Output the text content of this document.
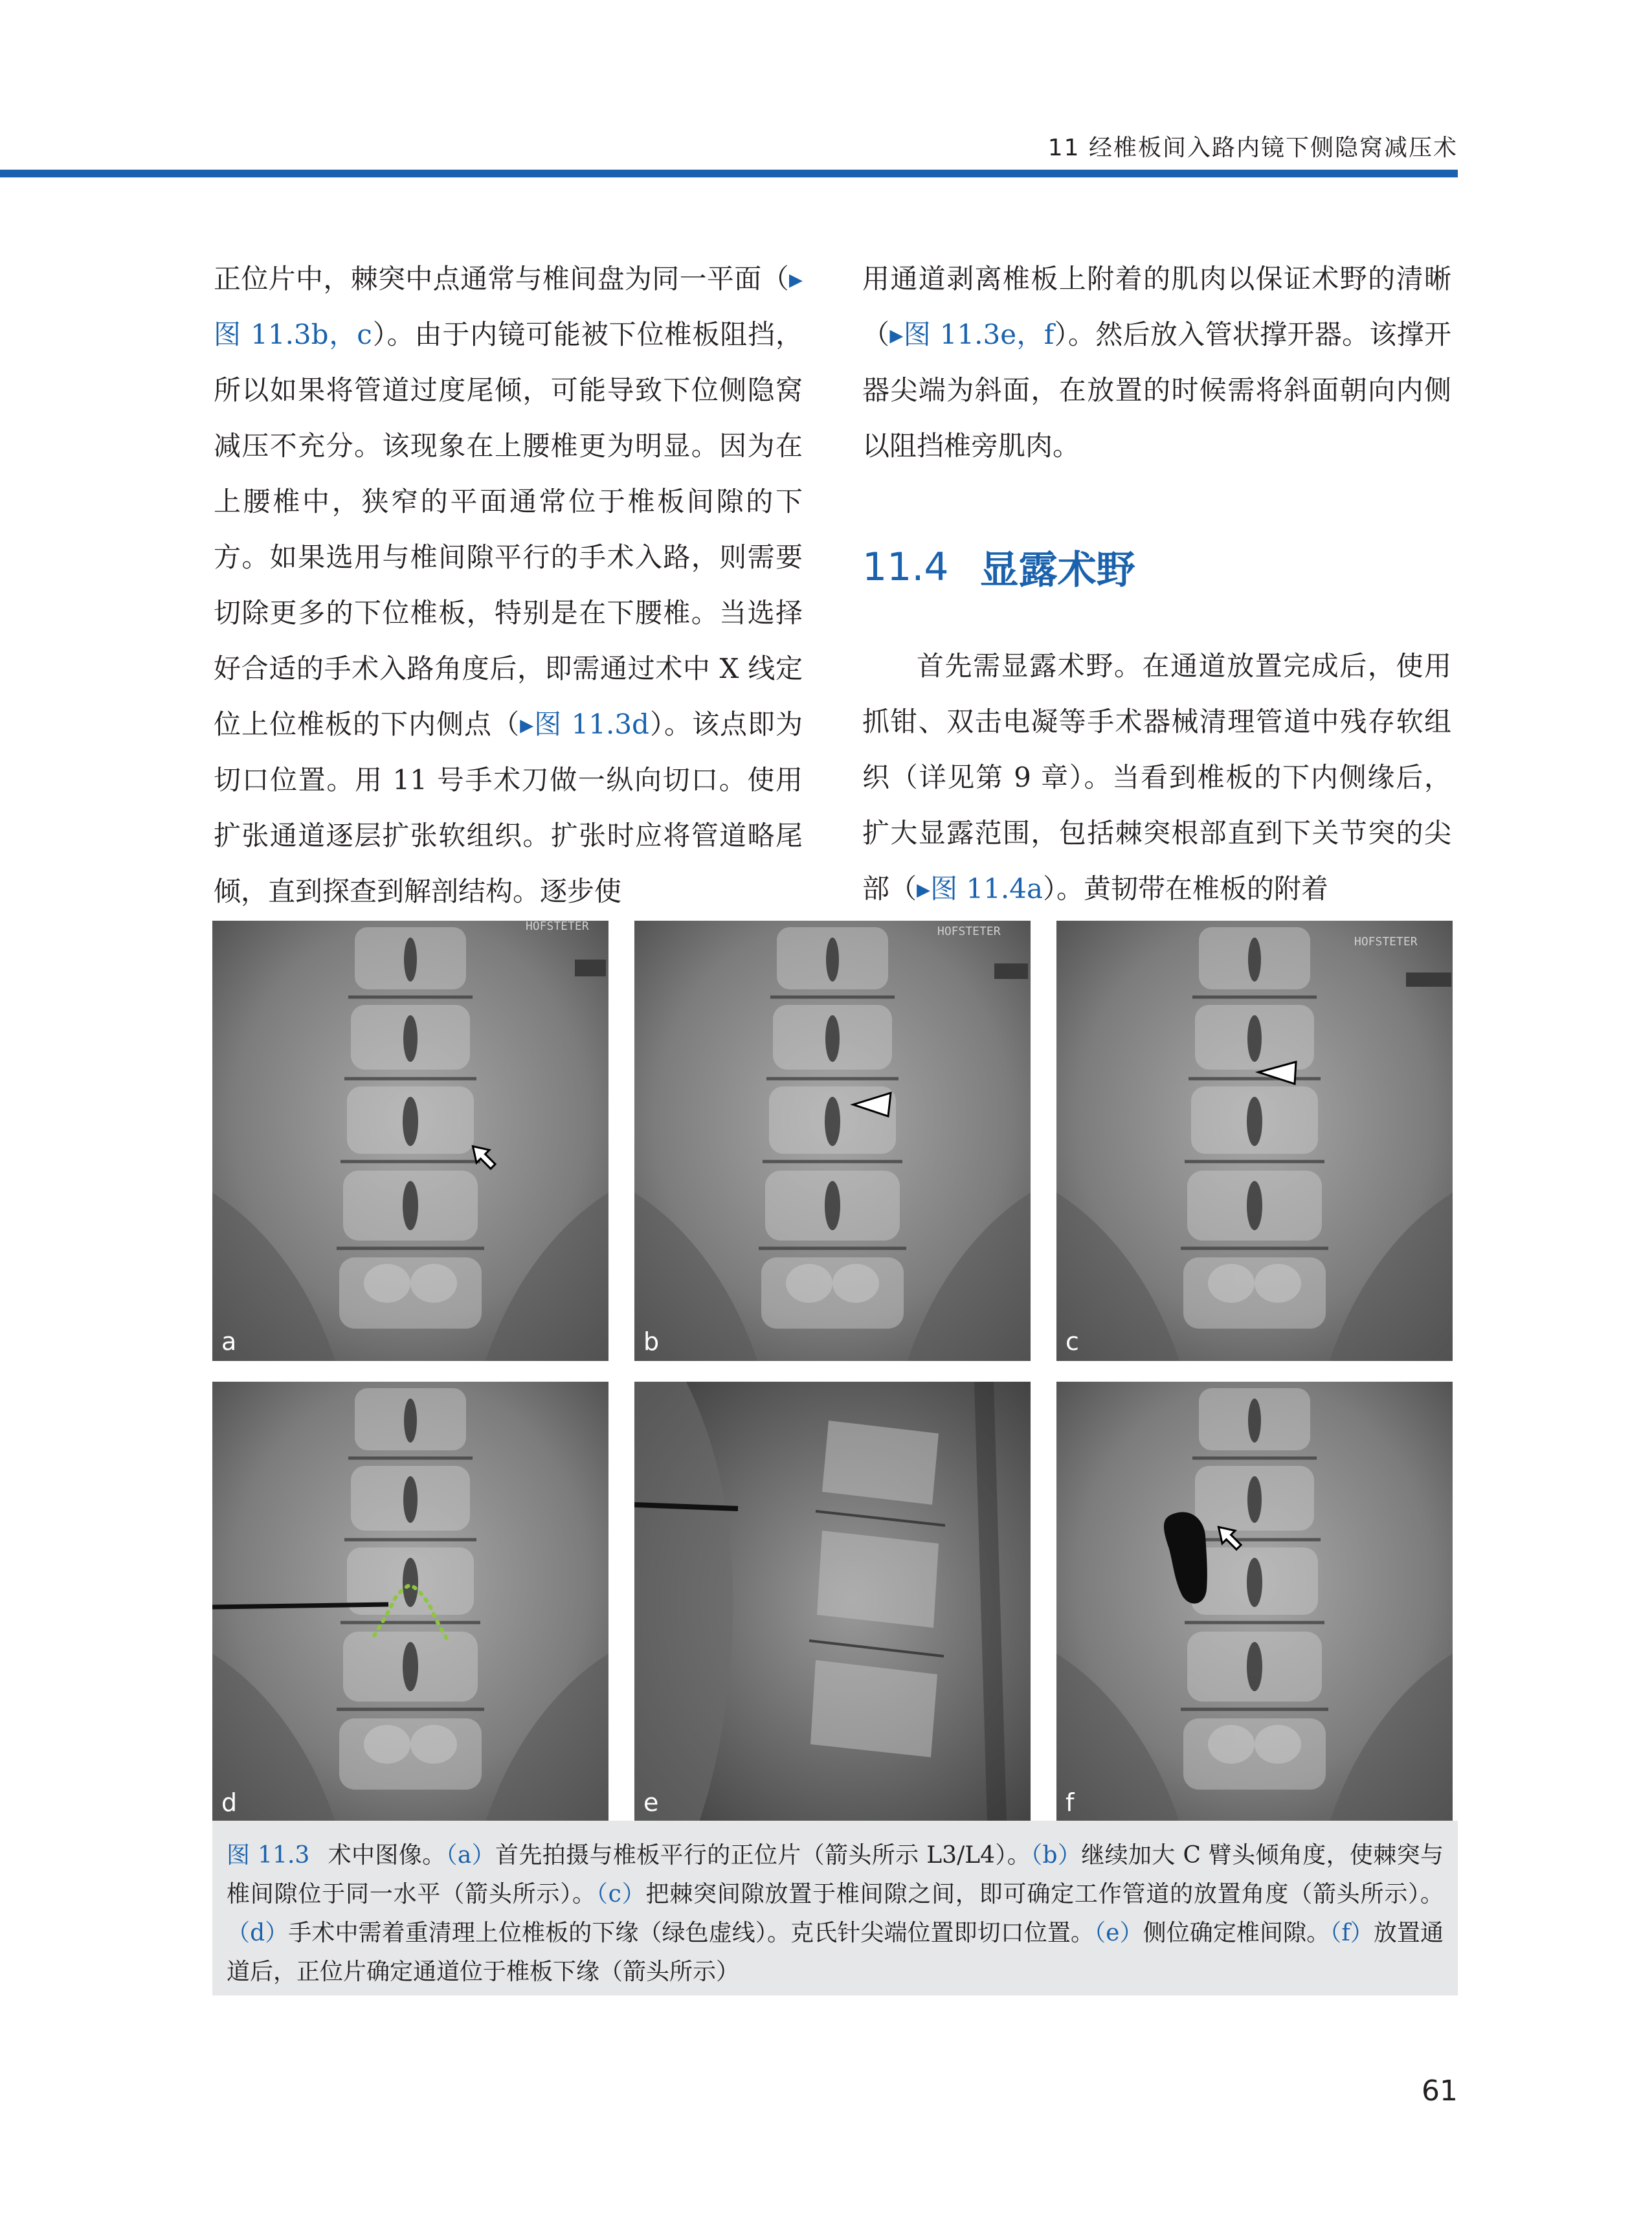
11 经椎板间入路内镜下侧隐窝减压术

正位片中，棘突中点通常与椎间盘为同一平面（▸图 11.3b，c）。由于内镜可能被下位椎板阻挡，所以如果将管道过度尾倾，可能导致下位侧隐窝减压不充分。该现象在上腰椎更为明显。因为在上腰椎中，狭窄的平面通常位于椎板间隙的下方。如果选用与椎间隙平行的手术入路，则需要切除更多的下位椎板，特别是在下腰椎。当选择好合适的手术入路角度后，即需通过术中 X 线定位上位椎板的下内侧点（▸图 11.3d）。该点即为切口位置。用 11 号手术刀做一纵向切口。使用扩张通道逐层扩张软组织。扩张时应将管道略尾倾，直到探查到解剖结构。逐步使

用通道剥离椎板上附着的肌肉以保证术野的清晰（▸图 11.3e，f）。然后放入管状撑开器。该撑开器尖端为斜面，在放置的时候需将斜面朝向内侧以阻挡椎旁肌肉。

11.4 显露术野

首先需显露术野。在通道放置完成后，使用抓钳、双击电凝等手术器械清理管道中残存软组织（详见第 9 章）。当看到椎板的下内侧缘后，扩大显露范围，包括棘突根部直到下关节突的尖部（▸图 11.4a）。黄韧带在椎板的附着

HOFSTETER
a
HOFSTETER
b
HOFSTETER
c
d	e	f

图 11.3 术中图像。（a）首先拍摄与椎板平行的正位片（箭头所示 L3/L4）。（b）继续加大 C 臂头倾角度，使棘突与椎间隙位于同一水平（箭头所示）。（c）把棘突间隙放置于椎间隙之间，即可确定工作管道的放置角度（箭头所示）。（d）手术中需着重清理上位椎板的下缘（绿色虚线）。克氏针尖端位置即切口位置。（e）侧位确定椎间隙。（f）放置通道后，正位片确定通道位于椎板下缘（箭头所示）

61
